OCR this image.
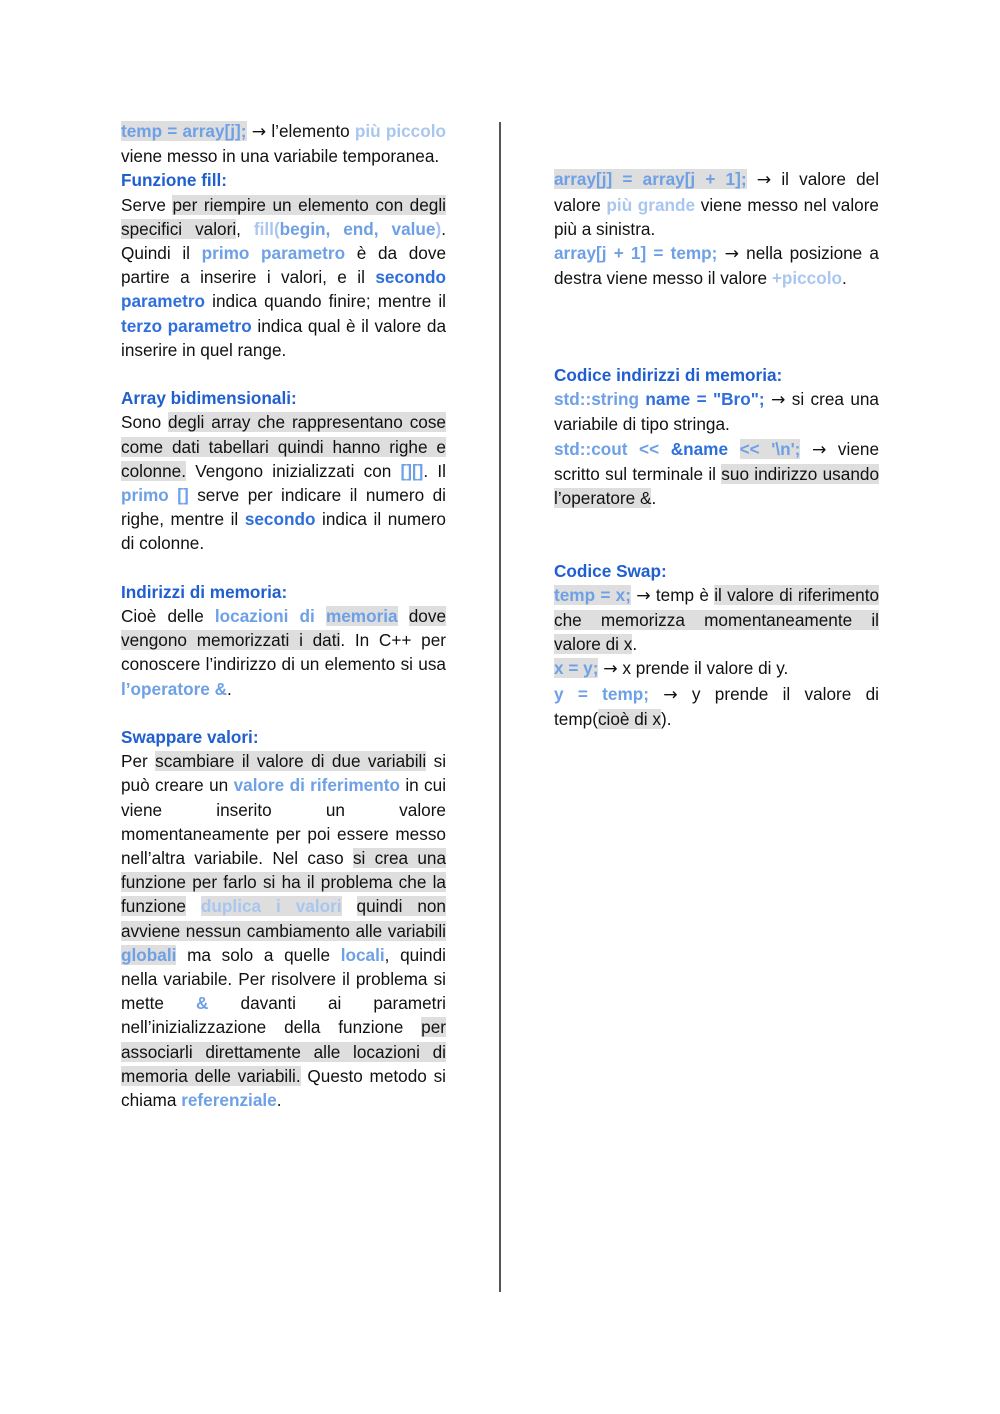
temp = array[j]; → l’elemento più piccolo viene messo in una variabile temporanea.

Funzione fill:

Serve per riempire un elemento con degli specifici valori, fill(begin, end, value). Quindi il primo parametro è da dove partire a inserire i valori, e il secondo parametro indica quando finire; mentre il terzo parametro indica qual è il valore da inserire in quel range.

Array bidimensionali:

Sono degli array che rappresentano cose come dati tabellari quindi hanno righe e colonne. Vengono inizializzati con [][]. Il primo [] serve per indicare il numero di righe, mentre il secondo indica il numero di colonne.

Indirizzi di memoria:

Cioè delle locazioni di memoria dove vengono memorizzati i dati. In C++ per conoscere l’indirizzo di un elemento si usa l’operatore &.

Swappare valori:

Per scambiare il valore di due variabili si può creare un valore di riferimento in cui viene inserito un valore momentaneamente per poi essere messo nell’altra variabile. Nel caso si crea una funzione per farlo si ha il problema che la funzione duplica i valori quindi non avviene nessun cambiamento alle variabili globali ma solo a quelle locali, quindi nella variabile. Per risolvere il problema si mette & davanti ai parametri nell’inizializzazione della funzione per associarli direttamente alle locazioni di memoria delle variabili. Questo metodo si chiama referenziale.

array[j] = array[j + 1]; → il valore del valore più grande viene messo nel valore più a sinistra.

array[j + 1] = temp; → nella posizione a destra viene messo il valore +piccolo.

Codice indirizzi di memoria:

std::string name = "Bro"; → si crea una variabile di tipo stringa.

std::cout << &name << '\n'; → viene scritto sul terminale il suo indirizzo usando l’operatore &.

Codice Swap:

temp = x; → temp è il valore di riferimento che memorizza momentaneamente il valore di x.

x = y; → x prende il valore di y.

y = temp; → y prende il valore di temp(cioè di x).
